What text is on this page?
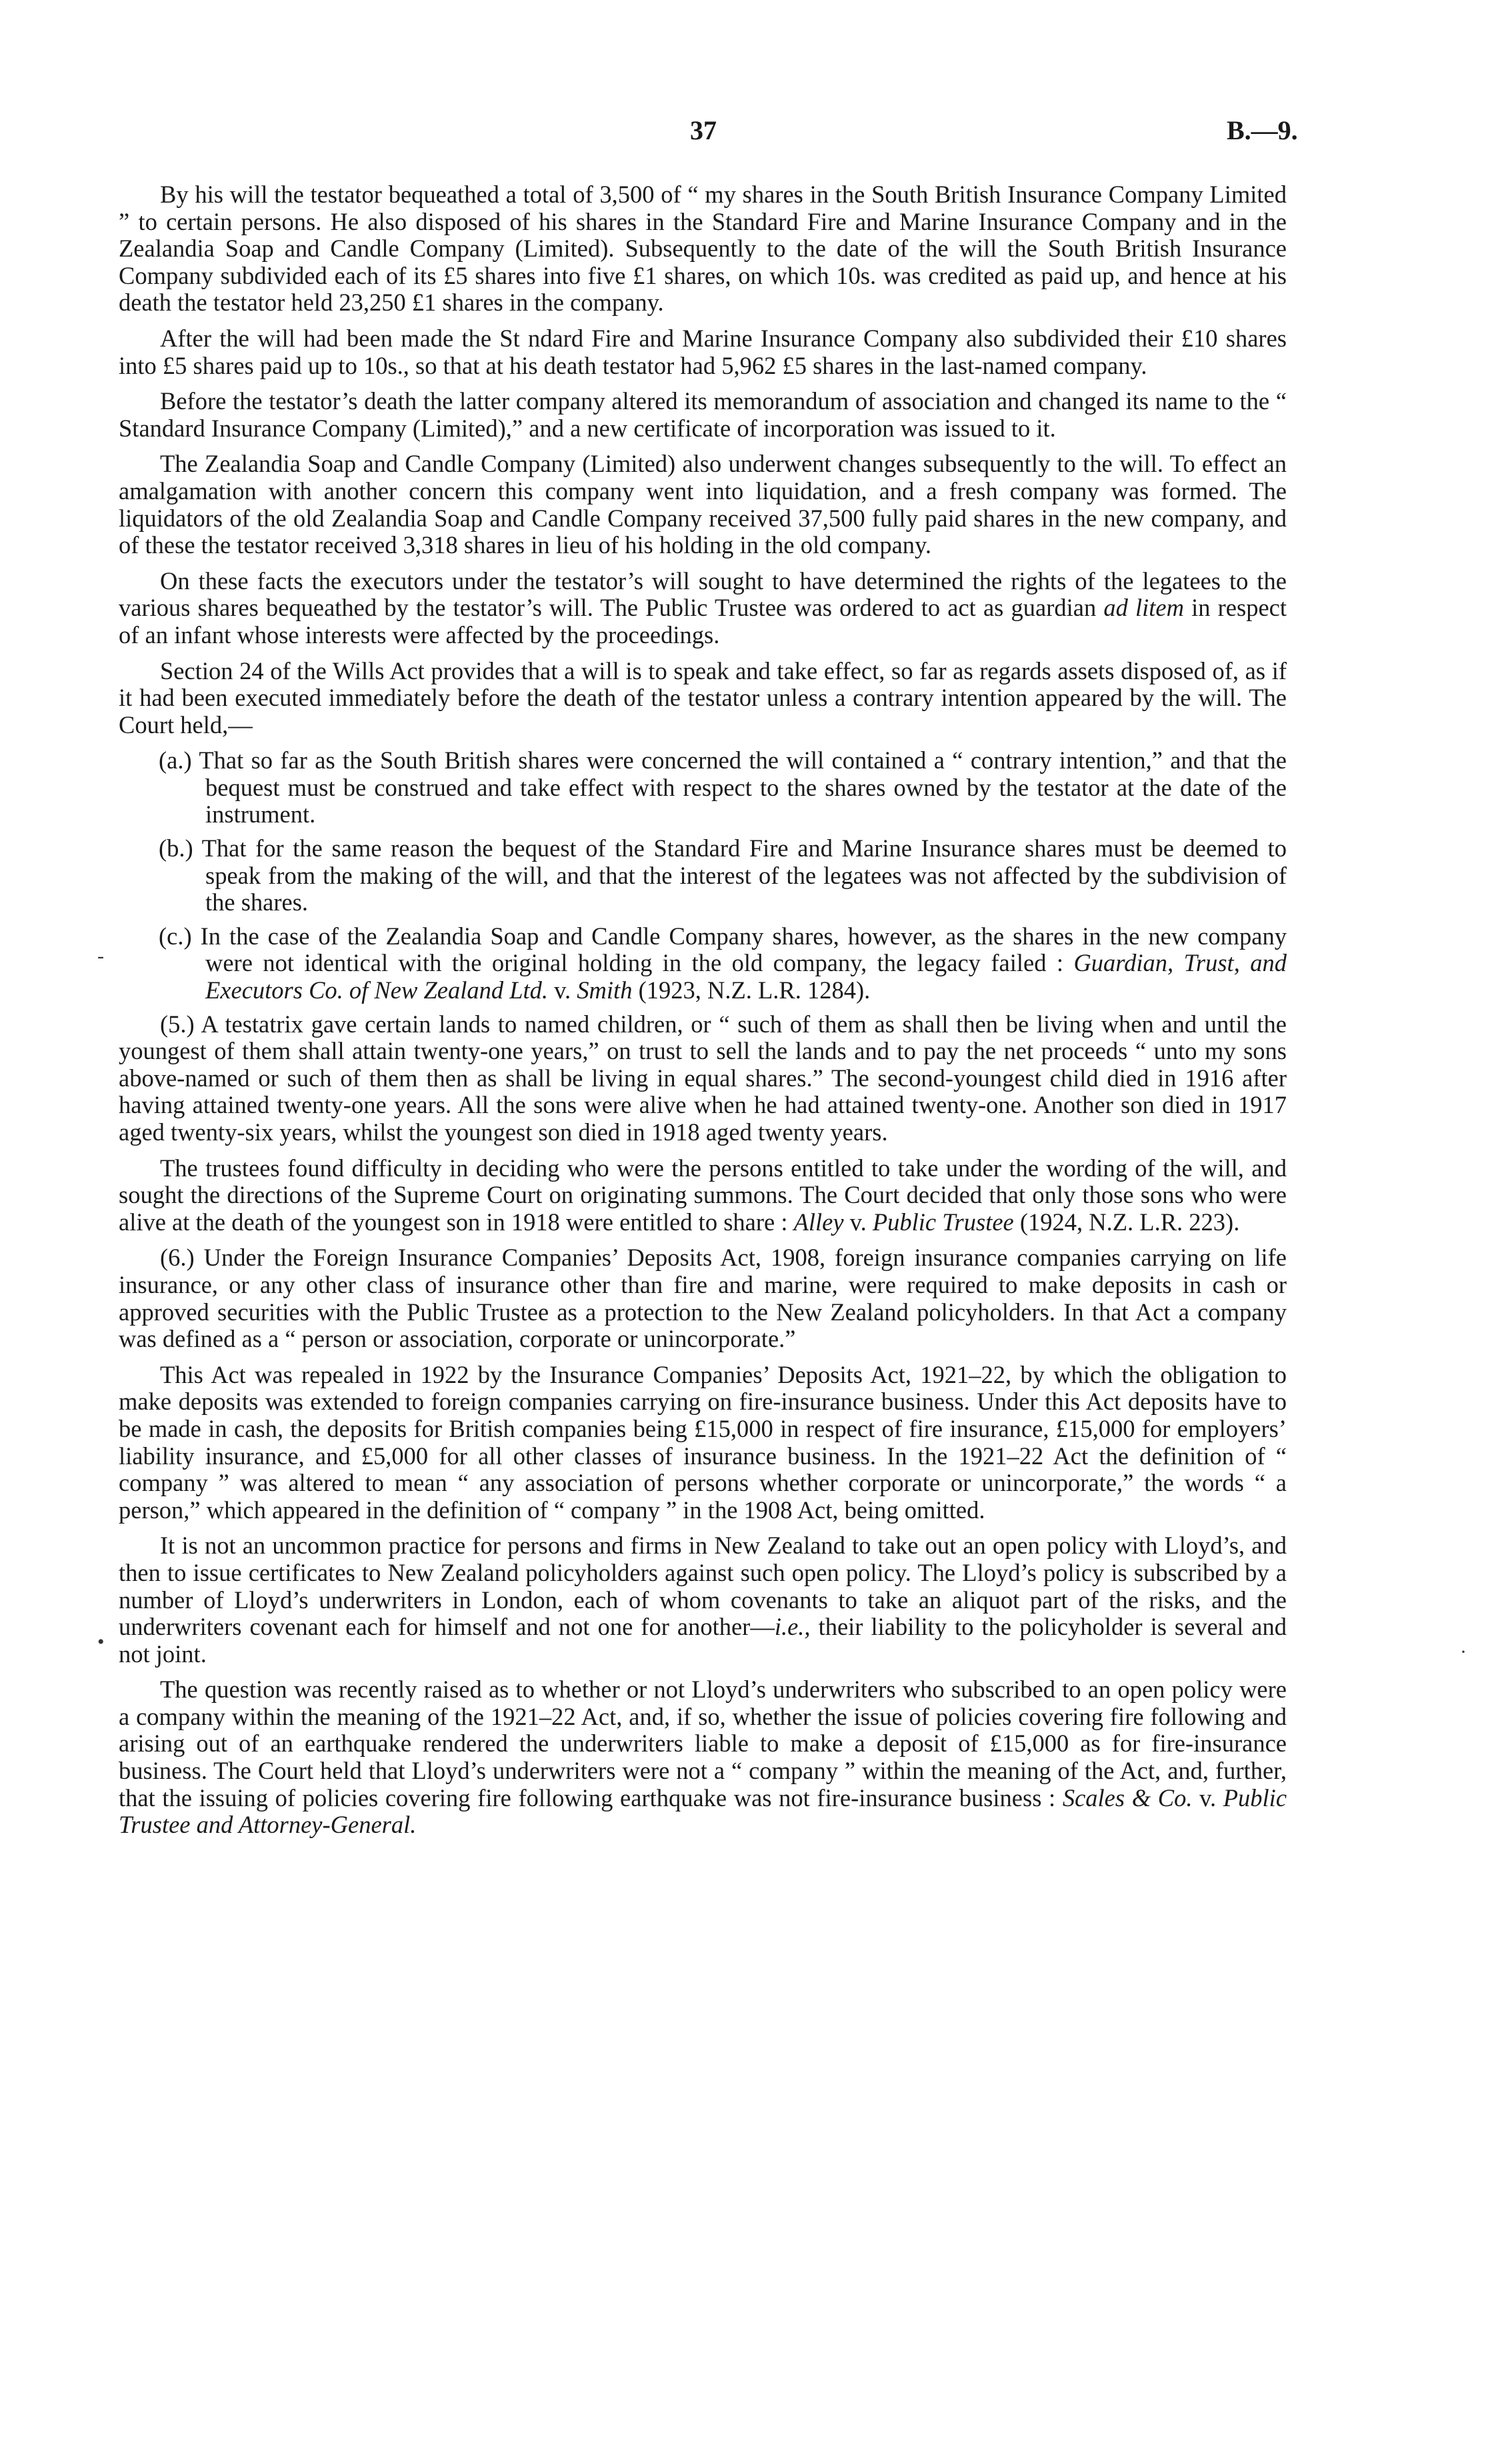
37	B.—9.
-
•	·

By his will the testator bequeathed a total of 3,500 of “ my shares in the South British Insurance Company Limited ” to certain persons. He also disposed of his shares in the Standard Fire and Marine Insurance Company and in the Zealandia Soap and Candle Company (Limited). Subsequently to the date of the will the South British Insurance Company subdivided each of its £5 shares into five £1 shares, on which 10s. was credited as paid up, and hence at his death the testator held 23,250 £1 shares in the company.

After the will had been made the St ndard Fire and Marine Insurance Company also subdivided their £10 shares into £5 shares paid up to 10s., so that at his death testator had 5,962 £5 shares in the last-named company.

Before the testator’s death the latter company altered its memorandum of association and changed its name to the “ Standard Insurance Company (Limited),” and a new certificate of incorporation was issued to it.

The Zealandia Soap and Candle Company (Limited) also underwent changes subsequently to the will. To effect an amalgamation with another concern this company went into liquidation, and a fresh company was formed. The liquidators of the old Zealandia Soap and Candle Company received 37,500 fully paid shares in the new company, and of these the testator received 3,318 shares in lieu of his holding in the old company.

On these facts the executors under the testator’s will sought to have determined the rights of the legatees to the various shares bequeathed by the testator’s will. The Public Trustee was ordered to act as guardian ad litem in respect of an infant whose interests were affected by the proceedings.

Section 24 of the Wills Act provides that a will is to speak and take effect, so far as regards assets disposed of, as if it had been executed immediately before the death of the testator unless a contrary intention appeared by the will. The Court held,—

(a.) That so far as the South British shares were concerned the will contained a “ contrary intention,” and that the bequest must be construed and take effect with respect to the shares owned by the testator at the date of the instrument.

(b.) That for the same reason the bequest of the Standard Fire and Marine Insurance shares must be deemed to speak from the making of the will, and that the interest of the legatees was not affected by the subdivision of the shares.

(c.) In the case of the Zealandia Soap and Candle Company shares, however, as the shares in the new company were not identical with the original holding in the old company, the legacy failed : Guardian, Trust, and Executors Co. of New Zealand Ltd. v. Smith (1923, N.Z. L.R. 1284).

(5.) A testatrix gave certain lands to named children, or “ such of them as shall then be living when and until the youngest of them shall attain twenty-one years,” on trust to sell the lands and to pay the net proceeds “ unto my sons above-named or such of them then as shall be living in equal shares.” The second-youngest child died in 1916 after having attained twenty-one years. All the sons were alive when he had attained twenty-one. Another son died in 1917 aged twenty-six years, whilst the youngest son died in 1918 aged twenty years.

The trustees found difficulty in deciding who were the persons entitled to take under the wording of the will, and sought the directions of the Supreme Court on originating summons. The Court decided that only those sons who were alive at the death of the youngest son in 1918 were entitled to share : Alley v. Public Trustee (1924, N.Z. L.R. 223).

(6.) Under the Foreign Insurance Companies’ Deposits Act, 1908, foreign insurance companies carrying on life insurance, or any other class of insurance other than fire and marine, were required to make deposits in cash or approved securities with the Public Trustee as a protection to the New Zealand policyholders. In that Act a company was defined as a “ person or association, corporate or unincorporate.”

This Act was repealed in 1922 by the Insurance Companies’ Deposits Act, 1921–22, by which the obligation to make deposits was extended to foreign companies carrying on fire-insurance business. Under this Act deposits have to be made in cash, the deposits for British companies being £15,000 in respect of fire insurance, £15,000 for employers’ liability insurance, and £5,000 for all other classes of insurance business. In the 1921–22 Act the definition of “ company ” was altered to mean “ any association of persons whether corporate or unincorporate,” the words “ a person,” which appeared in the definition of “ company ” in the 1908 Act, being omitted.

It is not an uncommon practice for persons and firms in New Zealand to take out an open policy with Lloyd’s, and then to issue certificates to New Zealand policyholders against such open policy. The Lloyd’s policy is subscribed by a number of Lloyd’s underwriters in London, each of whom covenants to take an aliquot part of the risks, and the underwriters covenant each for himself and not one for another—i.e., their liability to the policyholder is several and not joint.

The question was recently raised as to whether or not Lloyd’s underwriters who subscribed to an open policy were a company within the meaning of the 1921–22 Act, and, if so, whether the issue of policies covering fire following and arising out of an earthquake rendered the underwriters liable to make a deposit of £15,000 as for fire-insurance business. The Court held that Lloyd’s underwriters were not a “ company ” within the meaning of the Act, and, further, that the issuing of policies covering fire following earthquake was not fire-insurance business : Scales & Co. v. Public Trustee and Attorney-General.
